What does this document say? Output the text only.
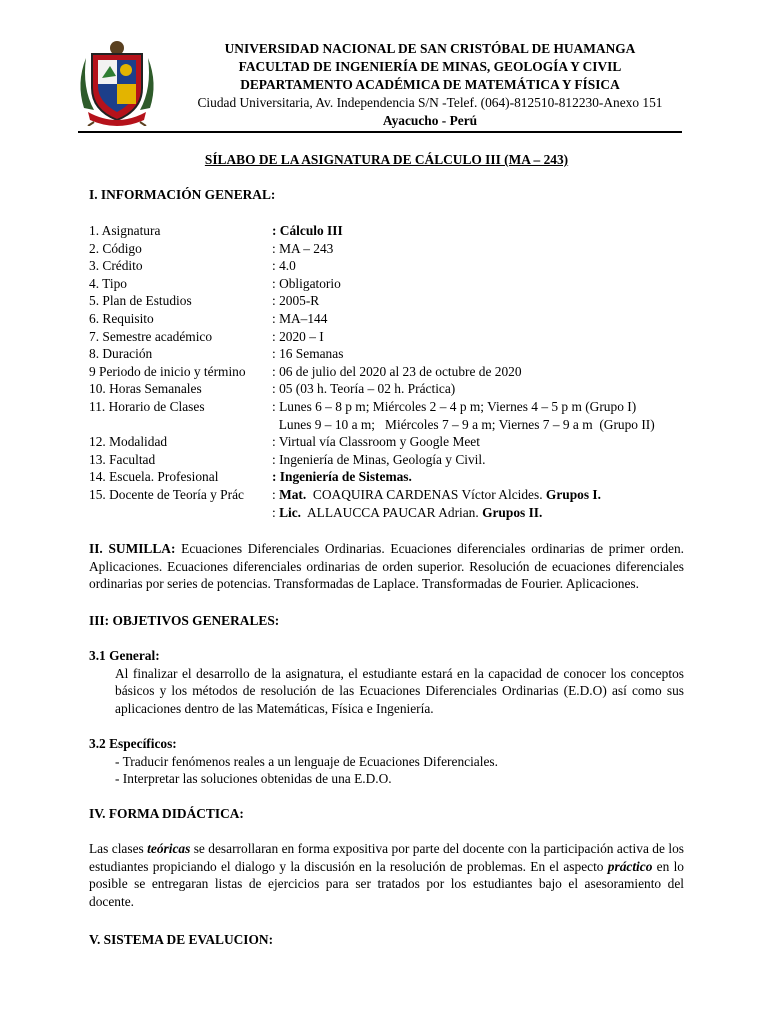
UNIVERSIDAD NACIONAL DE SAN CRISTÓBAL DE HUAMANGA
FACULTAD DE INGENIERÍA DE MINAS, GEOLOGÍA Y CIVIL
DEPARTAMENTO ACADÉMICA DE MATEMÁTICA Y FÍSICA
Ciudad Universitaria, Av. Independencia S/N -Telef. (064)-812510-812230-Anexo 151
Ayacucho - Perú
SÍLABO DE LA ASIGNATURA DE CÁLCULO III (MA – 243)
I. INFORMACIÓN GENERAL:
1. Asignatura	: Cálculo III
2. Código	: MA – 243
3. Crédito	: 4.0
4. Tipo	: Obligatorio
5. Plan de Estudios	: 2005-R
6. Requisito	: MA–144
7. Semestre académico	: 2020 – I
8. Duración	: 16 Semanas
9 Periodo de inicio y término : 06 de julio del 2020 al 23 de octubre de 2020
10. Horas Semanales	: 05 (03 h. Teoría – 02 h. Práctica)
11. Horario de Clases	: Lunes 6 – 8 p m; Miércoles 2 – 4 p m; Viernes 4 – 5 p m (Grupo I)
Lunes 9 – 10 a m;   Miércoles 7 – 9 a m; Viernes 7 – 9 a m  (Grupo II)
12. Modalidad	: Virtual vía Classroom y Google Meet
13. Facultad	: Ingeniería de Minas, Geología y Civil.
14. Escuela. Profesional	: Ingeniería de Sistemas.
15. Docente de Teoría y Prác : Mat.  COAQUIRA CARDENAS Víctor Alcides. Grupos I.
: Lic.  ALLAUCCA PAUCAR Adrian. Grupos II.
II. SUMILLA: Ecuaciones Diferenciales Ordinarias. Ecuaciones diferenciales ordinarias de primer orden. Aplicaciones. Ecuaciones diferenciales ordinarias de orden superior. Resolución de ecuaciones diferenciales ordinarias por series de potencias. Transformadas de Laplace. Transformadas de Fourier. Aplicaciones.
III: OBJETIVOS GENERALES:
3.1 General:
Al finalizar el desarrollo de la asignatura, el estudiante estará en la capacidad de conocer los conceptos básicos y los métodos de resolución de las Ecuaciones Diferenciales Ordinarias (E.D.O) así como sus aplicaciones dentro de las Matemáticas, Física e Ingeniería.
3.2 Específicos:
- Traducir fenómenos reales a un lenguaje de Ecuaciones Diferenciales.
- Interpretar las soluciones obtenidas de una E.D.O.
IV. FORMA DIDÁCTICA:
Las clases teóricas se desarrollaran en forma expositiva por parte del docente con la participación activa de los estudiantes propiciando el dialogo y la discusión en la resolución de problemas. En el aspecto práctico en lo posible se entregaran listas de ejercicios para ser tratados por los estudiantes bajo el asesoramiento del docente.
V. SISTEMA DE EVALUCION:
